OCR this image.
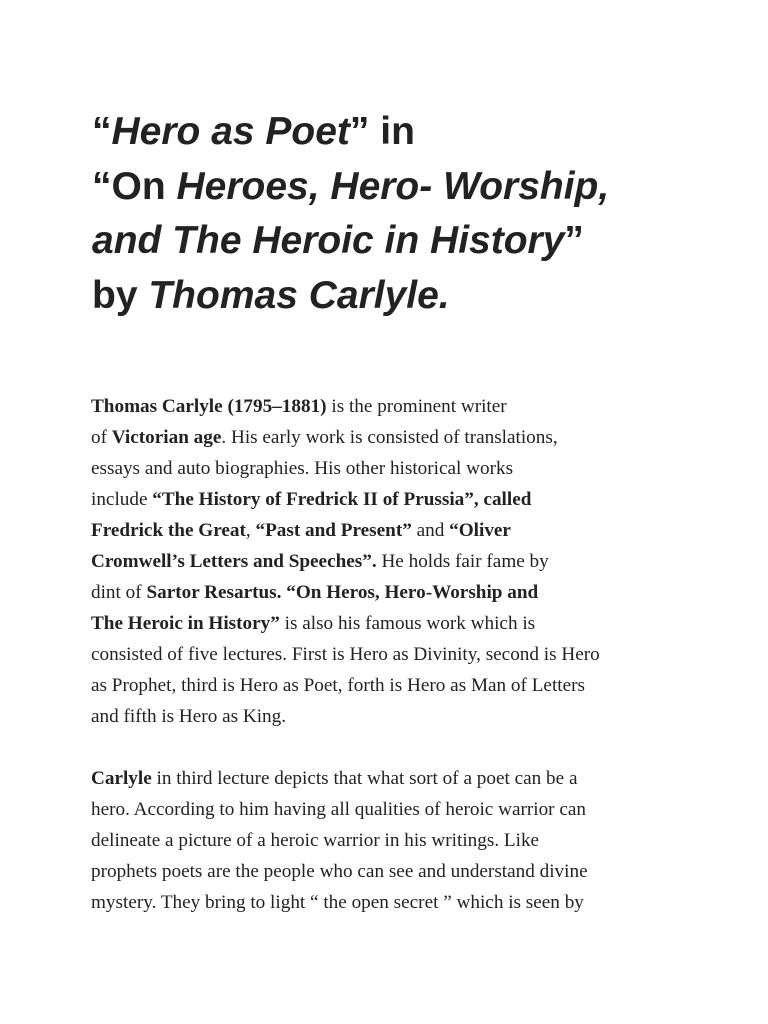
“Hero as Poet” in
“On Heroes, Hero- Worship,
and The Heroic in History”
by Thomas Carlyle.

Thomas Carlyle (1795–1881) is the prominent writer
of Victorian age. His early work is consisted of translations,
essays and auto biographies. His other historical works
include “The History of Fredrick II of Prussia”, called
Fredrick the Great, “Past and Present” and “Oliver
Cromwell’s Letters and Speeches”. He holds fair fame by
dint of Sartor Resartus. “On Heros, Hero-Worship and
The Heroic in History” is also his famous work which is
consisted of five lectures. First is Hero as Divinity, second is Hero
as Prophet, third is Hero as Poet, forth is Hero as Man of Letters
and fifth is Hero as King.

Carlyle in third lecture depicts that what sort of a poet can be a
hero. According to him having all qualities of heroic warrior can
delineate a picture of a heroic warrior in his writings. Like
prophets poets are the people who can see and understand divine
mystery. They bring to light “ the open secret ” which is seen by
